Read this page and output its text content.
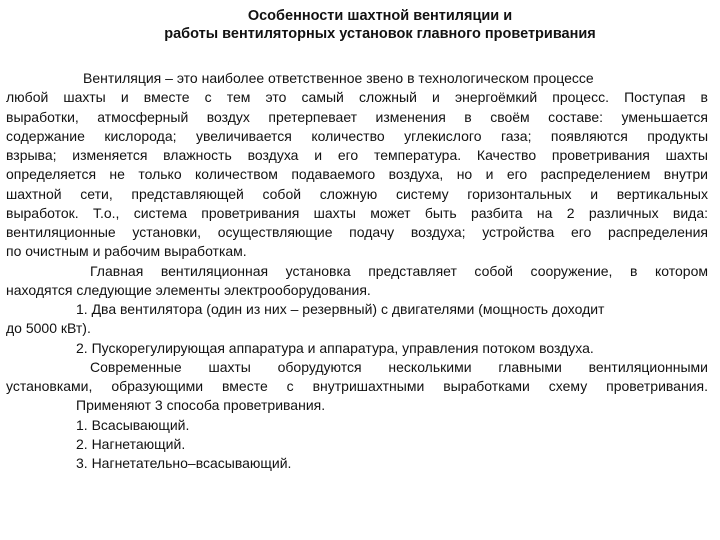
Особенности шахтной вентиляции и
работы вентиляторных установок главного проветривания
Вентиляция – это наиболее ответственное звено в технологическом процессе
любой шахты и вместе с тем это самый сложный и энергоёмкий процесс. Поступая в
выработки, атмосферный воздух претерпевает изменения в своём составе: уменьшается
содержание кислорода; увеличивается количество углекислого газа; появляются продукты
взрыва; изменяется влажность воздуха и его температура. Качество проветривания шахты
определяется не только количеством подаваемого воздуха, но и его распределением внутри
шахтной сети, представляющей собой сложную систему горизонтальных и вертикальных
выработок. Т.о., система проветривания шахты может быть разбита на 2 различных вида:
вентиляционные установки, осуществляющие подачу воздуха; устройства его распределения
по очистным и рабочим выработкам.
Главная вентиляционная установка представляет собой сооружение, в котором
находятся следующие элементы электрооборудования.
1. Два вентилятора (один из них – резервный) с двигателями (мощность доходит
до 5000 кВт).
2. Пускорегулирующая аппаратура и аппаратура, управления потоком воздуха.
Современные шахты оборудуются несколькими главными вентиляционными
установками, образующими вместе с внутришахтными выработками схему проветривания.
Применяют 3 способа проветривания.
1. Всасывающий.
2. Нагнетающий.
3. Нагнетательно–всасывающий.
